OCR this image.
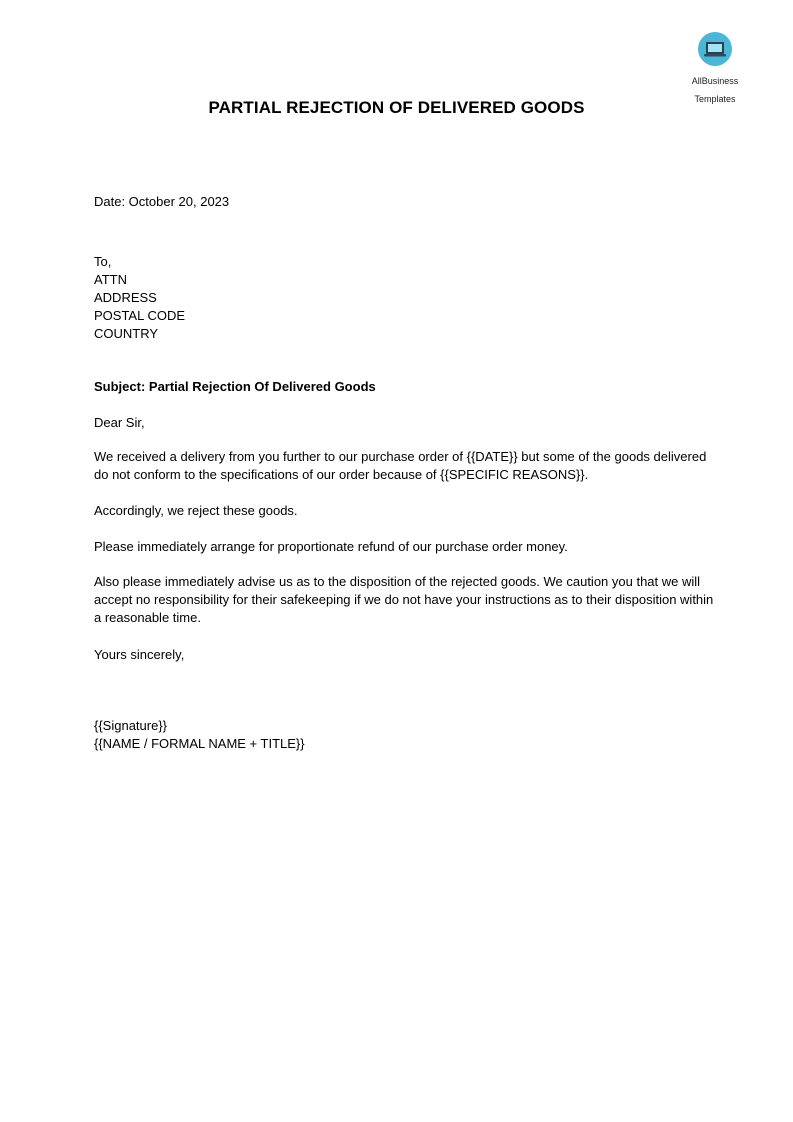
AllBusiness

Templates

PARTIAL REJECTION OF DELIVERED GOODS

Date: October 20, 2023

To,
ATTN
ADDRESS
POSTAL CODE
COUNTRY

Subject: Partial Rejection Of Delivered Goods

Dear Sir,

We received a delivery from you further to our purchase order of {{DATE}} but some of the goods delivered do not conform to the specifications of our order because of {{SPECIFIC REASONS}}.

Accordingly, we reject these goods.

Please immediately arrange for proportionate refund of our purchase order money.

Also please immediately advise us as to the disposition of the rejected goods. We caution you that we will accept no responsibility for their safekeeping if we do not have your instructions as to their disposition within a reasonable time.

Yours sincerely,

{{Signature}}

{{NAME / FORMAL NAME + TITLE}}
